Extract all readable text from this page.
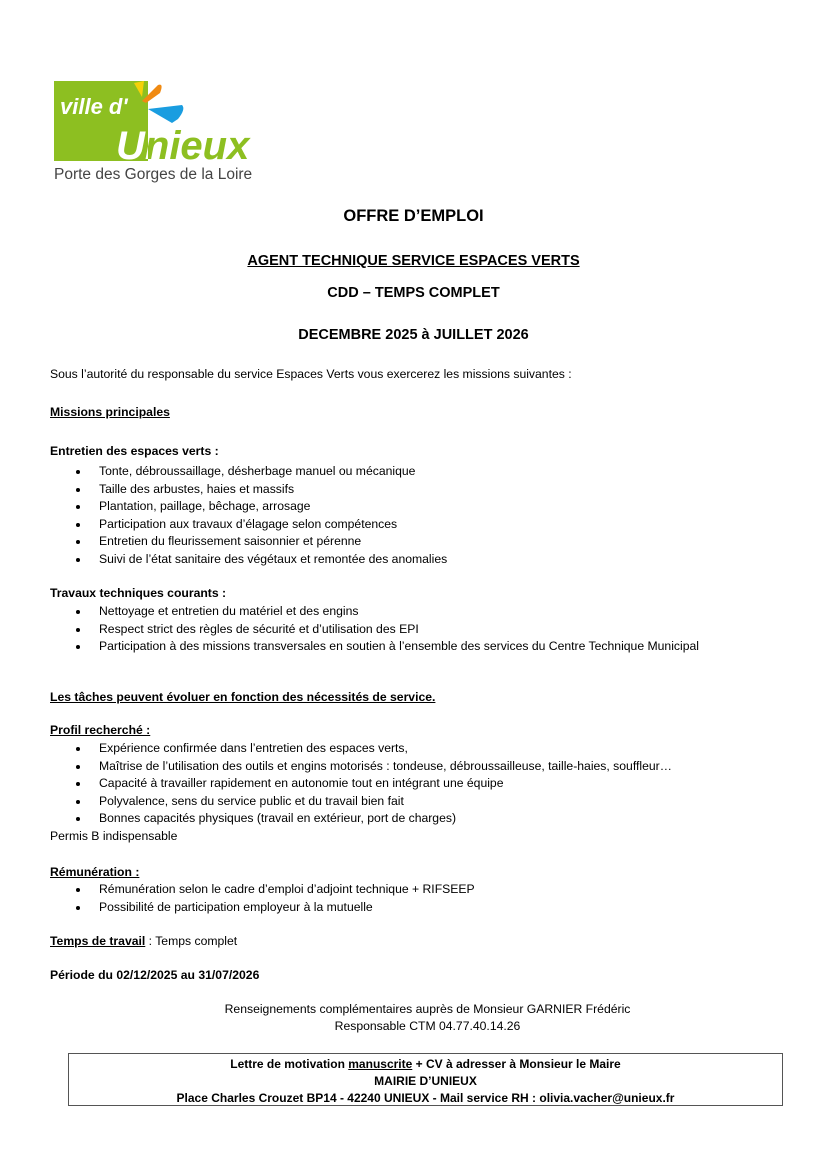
ville d'
Unieux
Porte des Gorges de la Loire
OFFRE D’EMPLOI
AGENT TECHNIQUE SERVICE ESPACES VERTS
CDD – TEMPS COMPLET
DECEMBRE 2025 à JUILLET 2026
Sous l’autorité du responsable du service Espaces Verts vous exercerez les missions suivantes :
Missions principales
Entretien des espaces verts :
Tonte, débroussaillage, désherbage manuel ou mécanique
Taille des arbustes, haies et massifs
Plantation, paillage, bêchage, arrosage
Participation aux travaux d’élagage selon compétences
Entretien du fleurissement saisonnier et pérenne
Suivi de l’état sanitaire des végétaux et remontée des anomalies
Travaux techniques courants :
Nettoyage et entretien du matériel et des engins
Respect strict des règles de sécurité et d’utilisation des EPI
Participation à des missions transversales en soutien à l’ensemble des services du Centre Technique Municipal
Les tâches peuvent évoluer en fonction des nécessités de service.
Profil recherché :
Expérience confirmée dans l’entretien des espaces verts,
Maîtrise de l’utilisation des outils et engins motorisés : tondeuse, débroussailleuse, taille-haies, souffleur…
Capacité à travailler rapidement en autonomie tout en intégrant une équipe
Polyvalence, sens du service public et du travail bien fait
Bonnes capacités physiques (travail en extérieur, port de charges)
Permis B indispensable
Rémunération :
Rémunération selon le cadre d’emploi d’adjoint technique + RIFSEEP
Possibilité de participation employeur à la mutuelle
Temps de travail : Temps complet
Période du 02/12/2025 au 31/07/2026
Renseignements complémentaires auprès de Monsieur GARNIER Frédéric
Responsable CTM 04.77.40.14.26
Lettre de motivation manuscrite + CV à adresser à Monsieur le Maire
MAIRIE D’UNIEUX
Place Charles Crouzet BP14 - 42240 UNIEUX - Mail service RH : olivia.vacher@unieux.fr
